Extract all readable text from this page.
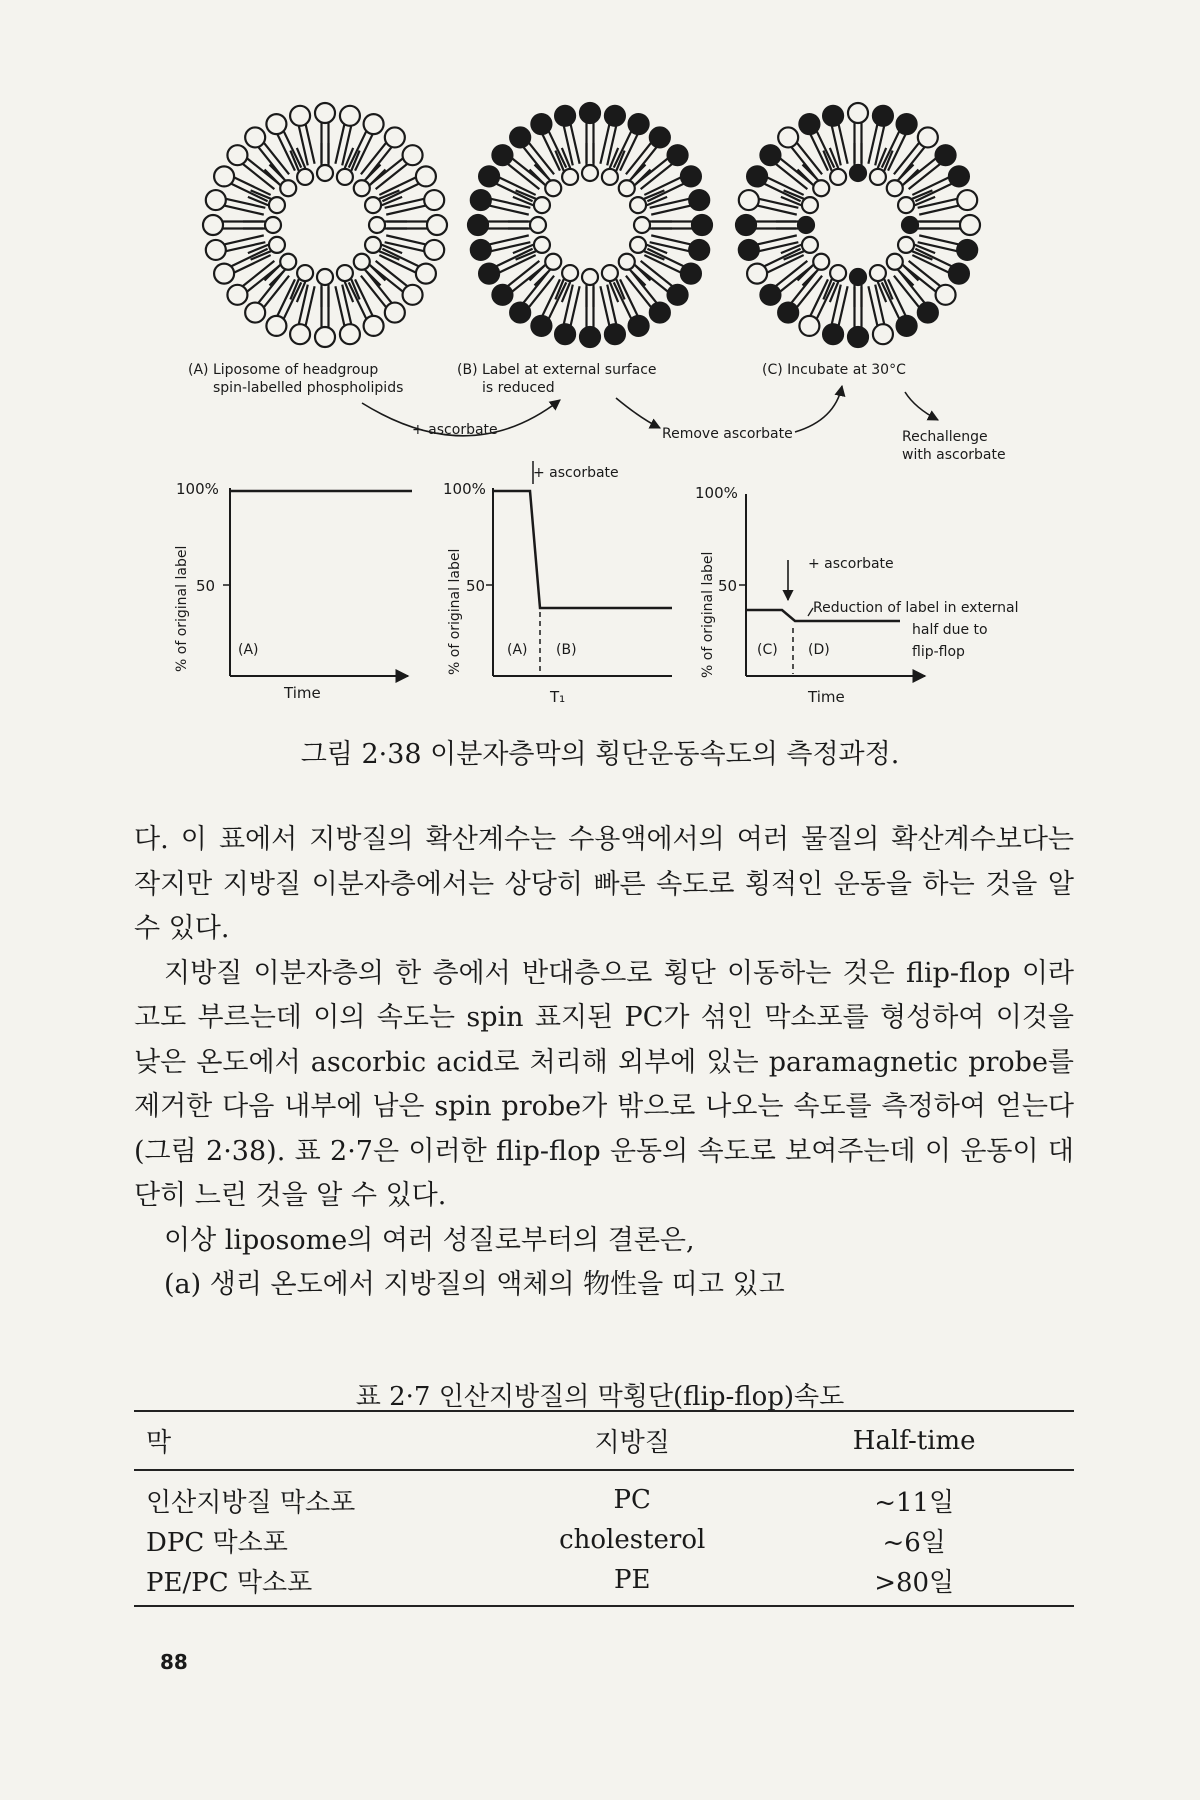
(A) Liposome of headgroup
spin-labelled phospholipids
(B) Label at external surface
is reduced
(C) Incubate at 30°C
+ ascorbate	Remove ascorbate	Rechallenge
with ascorbate
100%
50
% of original label	(A)
Time
100%
50
% of original label
+ ascorbate
(A) (B)
T₁
100%
50
% of original label	+ ascorbate
Reduction of label in external
half due to
flip-flop
(C) (D)
Time
그림 2·38 이분자층막의 횡단운동속도의 측정과정.

다. 이 표에서 지방질의 확산계수는 수용액에서의 여러 물질의 확산계수보다는 작지만 지방질 이분자층에서는 상당히 빠른 속도로 횡적인 운동을 하는 것을 알 수 있다.

지방질 이분자층의 한 층에서 반대층으로 횡단 이동하는 것은 flip-flop 이라고도 부르는데 이의 속도는 spin 표지된 PC가 섞인 막소포를 형성하여 이것을 낮은 온도에서 ascorbic acid로 처리해 외부에 있는 paramagnetic probe를 제거한 다음 내부에 남은 spin probe가 밖으로 나오는 속도를 측정하여 얻는다(그림 2·38). 표 2·7은 이러한 flip-flop 운동의 속도로 보여주는데 이 운동이 대단히 느린 것을 알 수 있다.

이상 liposome의 여러 성질로부터의 결론은,

(a) 생리 온도에서 지방질의 액체의 物性을 띠고 있고

표 2·7 인산지방질의 막횡단(flip-flop)속도
막	지방질	Half-time
인산지방질 막소포	PC	~11일
DPC 막소포	cholesterol	~6일
PE/PC 막소포	PE	>80일
88
